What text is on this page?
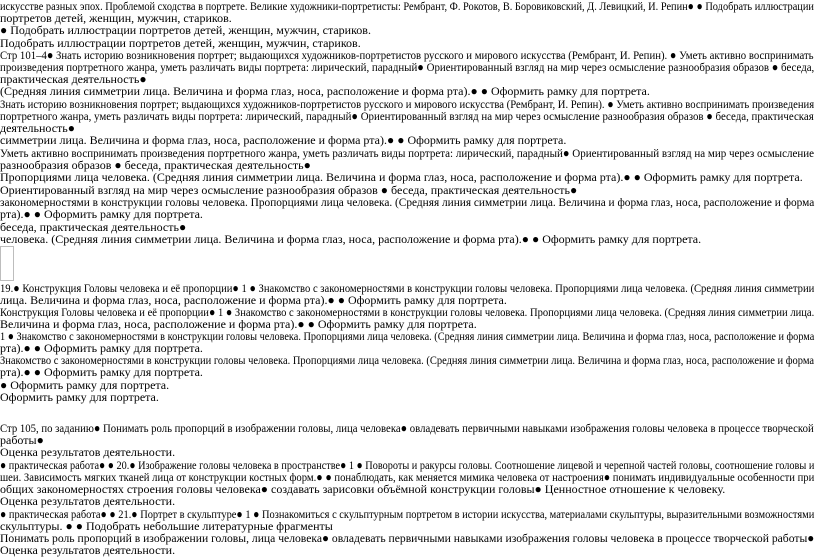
искусстве разных эпох. Проблемой сходства в портрете. Великие художники-портретисты: Рембрант, Ф. Рокотов, В. Боровиковский, Д. Левицкий, И. Репин● ● Подобрать иллюстрации
портретов детей, женщин, мужчин, стариков.
● Подобрать иллюстрации портретов детей, женщин, мужчин, стариков.
Подобрать иллюстрации портретов детей, женщин, мужчин, стариков.
Стр 101–4● Знать историю возникновения портрет; выдающихся художников-портретистов русского и мирового искусства (Рембрант, И. Репин). ● Уметь активно воспринимать
произведения портретного жанра, уметь различать виды портрета: лирический, парадный● Ориентированный взгляд на мир через осмысление разнообразия образов ● беседа,
практическая деятельность●
(Средняя линия симметрии лица. Величина и форма глаз, носа, расположение и форма рта).● ● Оформить рамку для портрета.
Знать историю возникновения портрет; выдающихся художников-портретистов русского и мирового искусства (Рембрант, И. Репин). ● Уметь активно воспринимать произведения
портретного жанра, уметь различать виды портрета: лирический, парадный● Ориентированный взгляд на мир через осмысление разнообразия образов ● беседа, практическая
деятельность●
симметрии лица. Величина и форма глаз, носа, расположение и форма рта).● ● Оформить рамку для портрета.
Уметь активно воспринимать произведения портретного жанра, уметь различать виды портрета: лирический, парадный● Ориентированный взгляд на мир через осмысление
разнообразия образов ● беседа, практическая деятельность●
Пропорциями лица человека. (Средняя линия симметрии лица. Величина и форма глаз, носа, расположение и форма рта).● ● Оформить рамку для портрета.
Ориентированный взгляд на мир через осмысление разнообразия образов ● беседа, практическая деятельность●
закономерностями в конструкции головы человека. Пропорциями лица человека. (Средняя линия симметрии лица. Величина и форма глаз, носа, расположение и форма
рта).● ● Оформить рамку для портрета.
беседа, практическая деятельность●
человека. (Средняя линия симметрии лица. Величина и форма глаз, носа, расположение и форма рта).● ● Оформить рамку для портрета.
19.● Конструкция Головы человека и её пропорции● 1 ● Знакомство с закономерностями в конструкции головы человека. Пропорциями лица человека. (Средняя линия симметрии
лица. Величина и форма глаз, носа, расположение и форма рта).● ● Оформить рамку для портрета.
Конструкция Головы человека и её пропорции● 1 ● Знакомство с закономерностями в конструкции головы человека. Пропорциями лица человека. (Средняя линия симметрии лица.
Величина и форма глаз, носа, расположение и форма рта).● ● Оформить рамку для портрета.
1 ● Знакомство с закономерностями в конструкции головы человека. Пропорциями лица человека. (Средняя линия симметрии лица. Величина и форма глаз, носа, расположение и форма
рта).● ● Оформить рамку для портрета.
Знакомство с закономерностями в конструкции головы человека. Пропорциями лица человека. (Средняя линия симметрии лица. Величина и форма глаз, носа, расположение и форма
рта).● ● Оформить рамку для портрета.
● Оформить рамку для портрета.
Оформить рамку для портрета.
Стр 105, по заданию● Понимать роль пропорций в изображении головы, лица человека● овладевать первичными навыками изображения головы человека в процессе творческой
работы●
Оценка результатов деятельности.
● практическая работа● ● 20.● Изображение головы человека в пространстве● 1 ● Повороты и ракурсы головы. Соотношение лицевой и черепной частей головы, соотношение головы и
шеи. Зависимость мягких тканей лица от конструкции костных форм.● ● понаблюдать, как меняется мимика человека от настроения● понимать индивидуальные особенности при
общих закономерностях строения головы человека● создавать зарисовки объёмной конструкции головы● Ценностное отношение к человеку.
Оценка результатов деятельности.
● практическая работа● ● 21.● Портрет в скульптуре● 1 ● Познакомиться с скульптурным портретом в истории искусства, материалами скульптуры, выразительными возможностями
скульптуры. ● ● Подобрать небольшие литературные фрагменты
Понимать роль пропорций в изображении головы, лица человека● овладевать первичными навыками изображения головы человека в процессе творческой работы●
Оценка результатов деятельности.
